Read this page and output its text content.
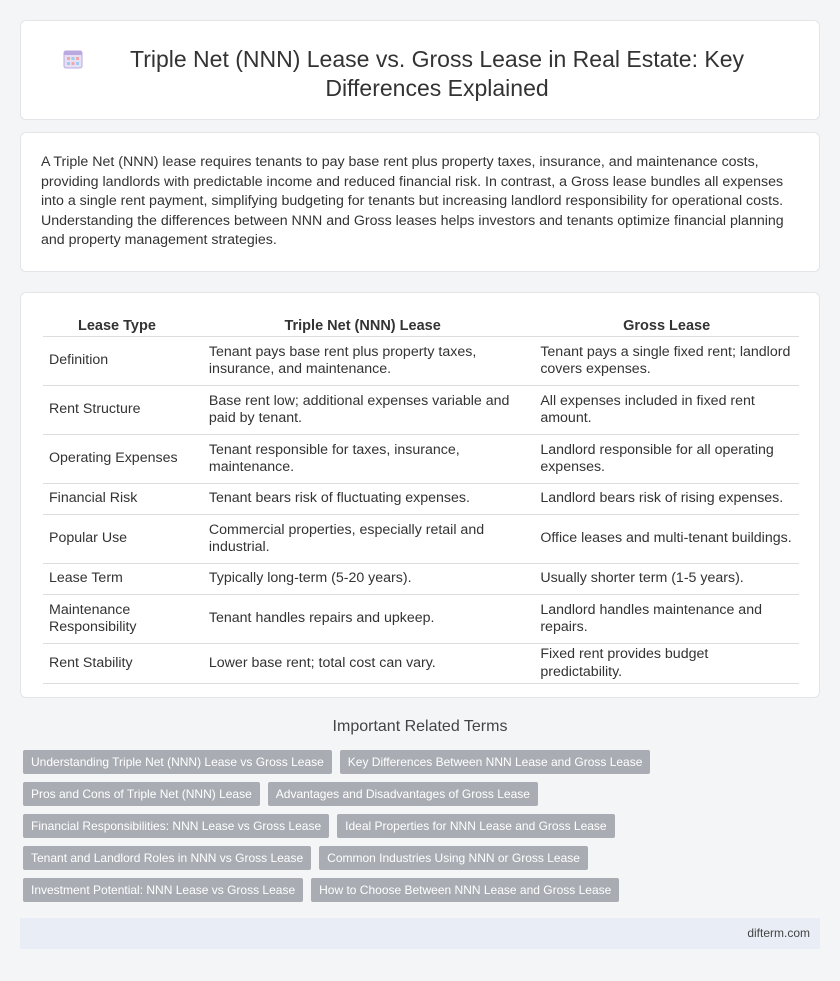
Triple Net (NNN) Lease vs. Gross Lease in Real Estate: Key Differences Explained

A Triple Net (NNN) lease requires tenants to pay base rent plus property taxes, insurance, and maintenance costs, providing landlords with predictable income and reduced financial risk. In contrast, a Gross lease bundles all expenses into a single rent payment, simplifying budgeting for tenants but increasing landlord responsibility for operational costs. Understanding the differences between NNN and Gross leases helps investors and tenants optimize financial planning and property management strategies.

Lease Type		Triple Net (NNN) Lease		Gross Lease
Definition		Tenant pays base rent plus property taxes, insurance, and maintenance.		Tenant pays a single fixed rent; landlord covers expenses.
Rent Structure		Base rent low; additional expenses variable and paid by tenant.		All expenses included in fixed rent amount.
Operating Expenses		Tenant responsible for taxes, insurance, maintenance.		Landlord responsible for all operating expenses.
Financial Risk		Tenant bears risk of fluctuating expenses.		Landlord bears risk of rising expenses.
Popular Use		Commercial properties, especially retail and industrial.		Office leases and multi-tenant buildings.
Lease Term		Typically long-term (5-20 years).		Usually shorter term (1-5 years).
Maintenance Responsibility		Tenant handles repairs and upkeep.		Landlord handles maintenance and repairs.
Rent Stability		Lower base rent; total cost can vary.		Fixed rent provides budget predictability.
Important Related Terms
Understanding Triple Net (NNN) Lease vs Gross Lease	Key Differences Between NNN Lease and Gross Lease
Pros and Cons of Triple Net (NNN) Lease	Advantages and Disadvantages of Gross Lease
Financial Responsibilities: NNN Lease vs Gross Lease	Ideal Properties for NNN Lease and Gross Lease
Tenant and Landlord Roles in NNN vs Gross Lease	Common Industries Using NNN or Gross Lease
Investment Potential: NNN Lease vs Gross Lease	How to Choose Between NNN Lease and Gross Lease
difterm.com
